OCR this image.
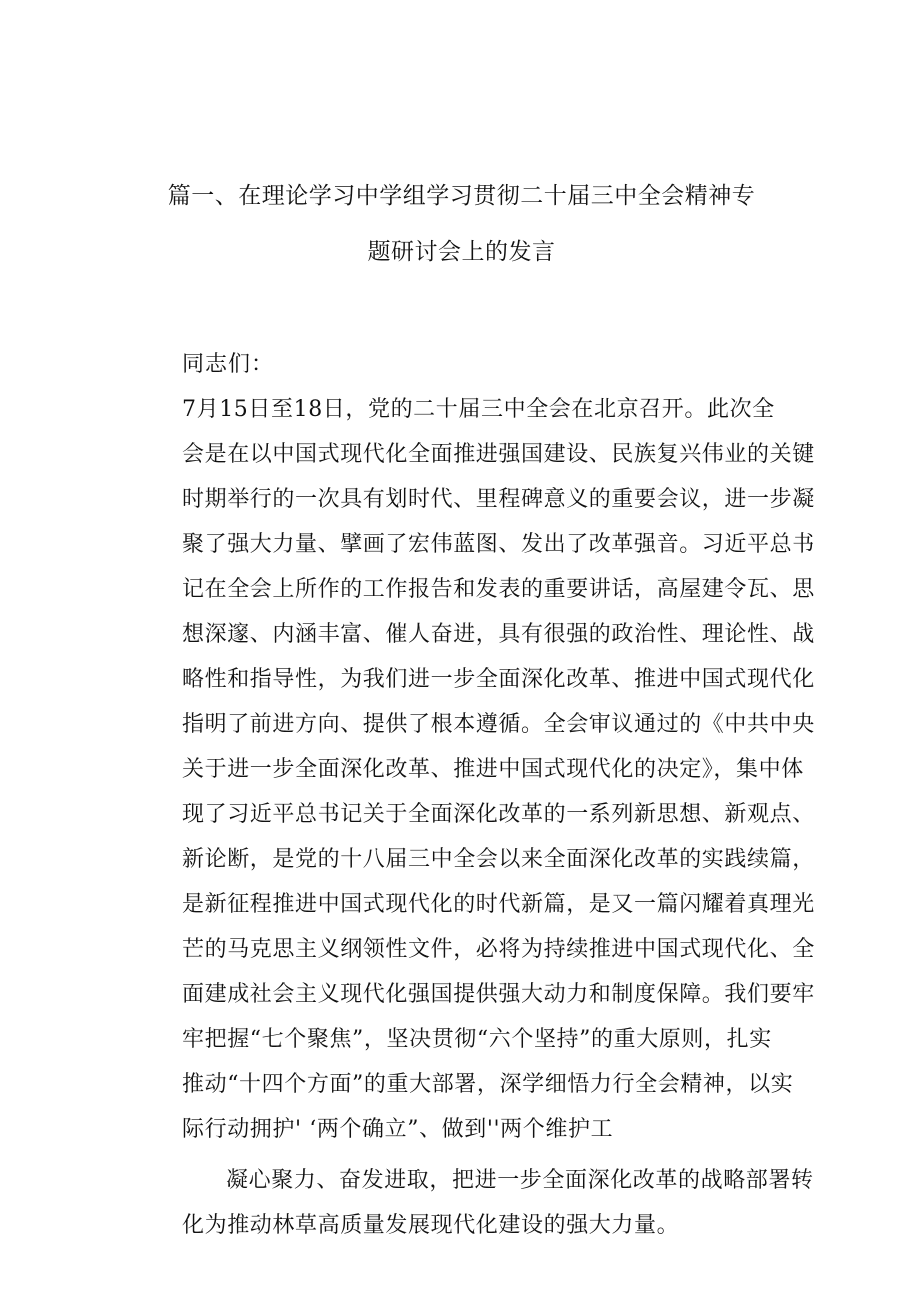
篇一、在理论学习中学组学习贯彻二十届三中全会精神专
题研讨会上的发言

同志们：

7月15日至18日，党的二十届三中全会在北京召开。此次全
会是在以中国式现代化全面推进强国建设、民族复兴伟业的关键
时期举行的一次具有划时代、里程碑意义的重要会议，进一步凝
聚了强大力量、擘画了宏伟蓝图、发出了改革强音。习近平总书
记在全会上所作的工作报告和发表的重要讲话，高屋建令瓦、思
想深邃、内涵丰富、催人奋进，具有很强的政治性、理论性、战
略性和指导性，为我们进一步全面深化改革、推进中国式现代化
指明了前进方向、提供了根本遵循。全会审议通过的《中共中央
关于进一步全面深化改革、推进中国式现代化的决定》，集中体
现了习近平总书记关于全面深化改革的一系列新思想、新观点、
新论断，是党的十八届三中全会以来全面深化改革的实践续篇，
是新征程推进中国式现代化的时代新篇，是又一篇闪耀着真理光
芒的马克思主义纲领性文件，必将为持续推进中国式现代化、全
面建成社会主义现代化强国提供强大动力和制度保障。我们要牢
牢把握“七个聚焦”，坚决贯彻“六个坚持”的重大原则，扎实
推动“十四个方面”的重大部署，深学细悟力行全会精神，以实
际行动拥护' ‘两个确立”、做到''两个维护工

凝心聚力、奋发进取，把进一步全面深化改革的战略部署转
化为推动林草高质量发展现代化建设的强大力量。
